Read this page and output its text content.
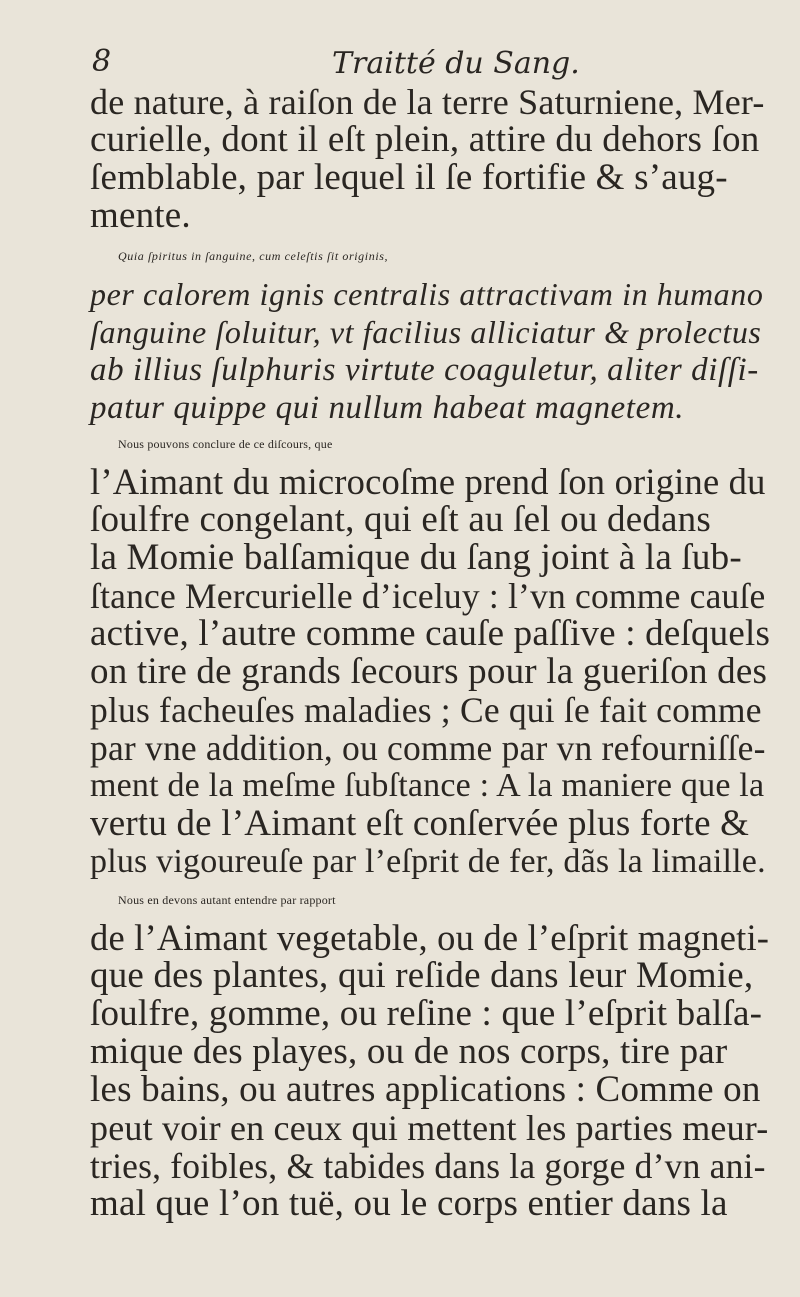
8	Traitté du Sang.
de nature, à raiſon de la terre Saturniene, Mer-
curielle, dont il eſt plein, attire du dehors ſon
ſemblable, par lequel il ſe fortifie & s’aug-
mente.
Quia ſpiritus in ſanguine, cum celeſtis ſit originis,
per calorem ignis centralis attractivam in humano
ſanguine ſoluitur, vt facilius alliciatur & prolectus
ab illius ſulphuris virtute coaguletur, aliter diſſi-
patur quippe qui nullum habeat magnetem.
Nous pouvons conclure de ce diſcours, que
l’Aimant du microcoſme prend ſon origine du
ſoulfre congelant, qui eſt au ſel ou dedans
la Momie balſamique du ſang joint à la ſub-
ſtance Mercurielle d’iceluy : l’vn comme cauſe
active, l’autre comme cauſe paſſive : deſquels
on tire de grands ſecours pour la gueriſon des
plus facheuſes maladies ; Ce qui ſe fait comme
par vne addition, ou comme par vn refourniſſe-
ment de la meſme ſubſtance : A la maniere que la
vertu de l’Aimant eſt conſervée plus forte &
plus vigoureuſe par l’eſprit de fer, dãs la limaille.
Nous en devons autant entendre par rapport
de l’Aimant vegetable, ou de l’eſprit magneti-
que des plantes, qui reſide dans leur Momie,
ſoulfre, gomme, ou reſine : que l’eſprit balſa-
mique des playes, ou de nos corps, tire par
les bains, ou autres applications : Comme on
peut voir en ceux qui mettent les parties meur-
tries, foibles, & tabides dans la gorge d’vn ani-
mal que l’on tuë, ou le corps entier dans la
